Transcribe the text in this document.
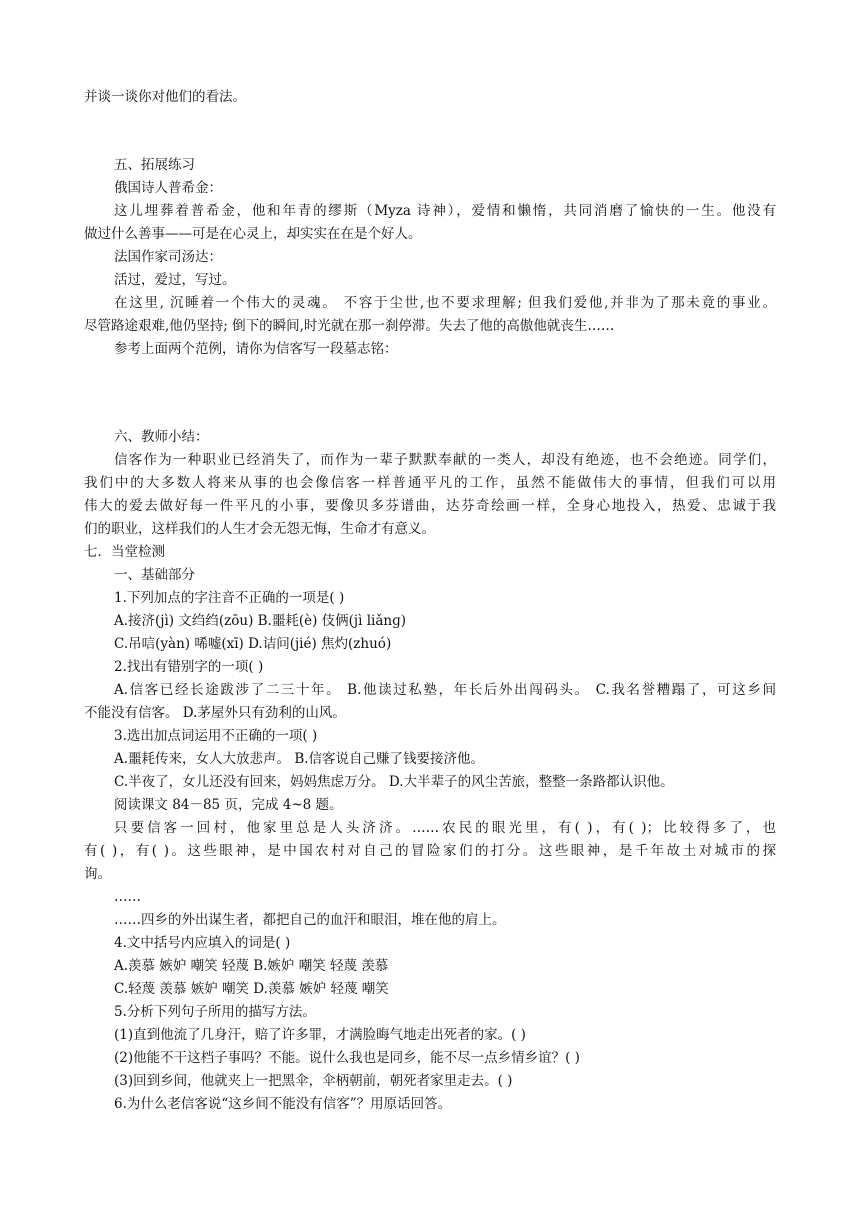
并谈一谈你对他们的看法。
五、拓展练习
俄国诗人普希金：
这儿埋葬着普希金，他和年青的缪斯（Myza 诗神），爱情和懒惰，共同消磨了愉快的一生。他没有
做过什么善事——可是在心灵上，却实实在在是个好人。
法国作家司汤达：
活过，爱过，写过。
在这里, 沉睡着一个伟大的灵魂。 不容于尘世,也不要求理解; 但我们爱他,并非为了那未竟的事业。
尽管路途艰难,他仍坚持; 倒下的瞬间,时光就在那一刹停滞。失去了他的高傲他就丧生……
参考上面两个范例，请你为信客写一段墓志铭：
六、教师小结：
信客作为一种职业已经消失了，而作为一辈子默默奉献的一类人，却没有绝迹，也不会绝迹。同学们，
我们中的大多数人将来从事的也会像信客一样普通平凡的工作，虽然不能做伟大的事情，但我们可以用
伟大的爱去做好每一件平凡的小事，要像贝多芬谱曲，达芬奇绘画一样，全身心地投入，热爱、忠诚于我
们的职业，这样我们的人生才会无怨无悔，生命才有意义。
七．当堂检测
一、基础部分
1.下列加点的字注音不正确的一项是( )
A.接济(jì) 文绉绉(zōu) B.噩耗(è) 伎俩(jì liǎnɡ)
C.吊唁(yàn) 唏嘘(xī) D.诘问(jié) 焦灼(zhuó)
2.找出有错别字的一项( )
A.信客已经长途跋涉了二三十年。 B.他读过私塾，年长后外出闯码头。 C.我名誉糟蹋了，可这乡间
不能没有信客。 D.茅屋外只有劲利的山风。
3.选出加点词运用不正确的一项( )
A.噩耗传来，女人大放悲声。 B.信客说自己赚了钱要接济他。
C.半夜了，女儿还没有回来，妈妈焦虑万分。 D.大半辈子的风尘苦旅，整整一条路都认识他。
阅读课文 84－85 页，完成 4~8 题。
只要信客一回村，他家里总是人头济济。……农民的眼光里，有( )，有( )；比较得多了，也
有( )，有( )。这些眼神，是中国农村对自己的冒险家们的打分。这些眼神，是千年故土对城市的探
询。
……
……四乡的外出谋生者，都把自己的血汗和眼泪，堆在他的肩上。
4.文中括号内应填入的词是( )
A.羡慕 嫉妒 嘲笑 轻蔑 B.嫉妒 嘲笑 轻蔑 羡慕
C.轻蔑 羡慕 嫉妒 嘲笑 D.羡慕 嫉妒 轻蔑 嘲笑
5.分析下列句子所用的描写方法。
(1)直到他流了几身汗，赔了许多罪，才满脸晦气地走出死者的家。( )
(2)他能不干这档子事吗？不能。说什么我也是同乡，能不尽一点乡情乡谊？( )
(3)回到乡间，他就夹上一把黑伞，伞柄朝前，朝死者家里走去。( )
6.为什么老信客说“这乡间不能没有信客”？用原话回答。
